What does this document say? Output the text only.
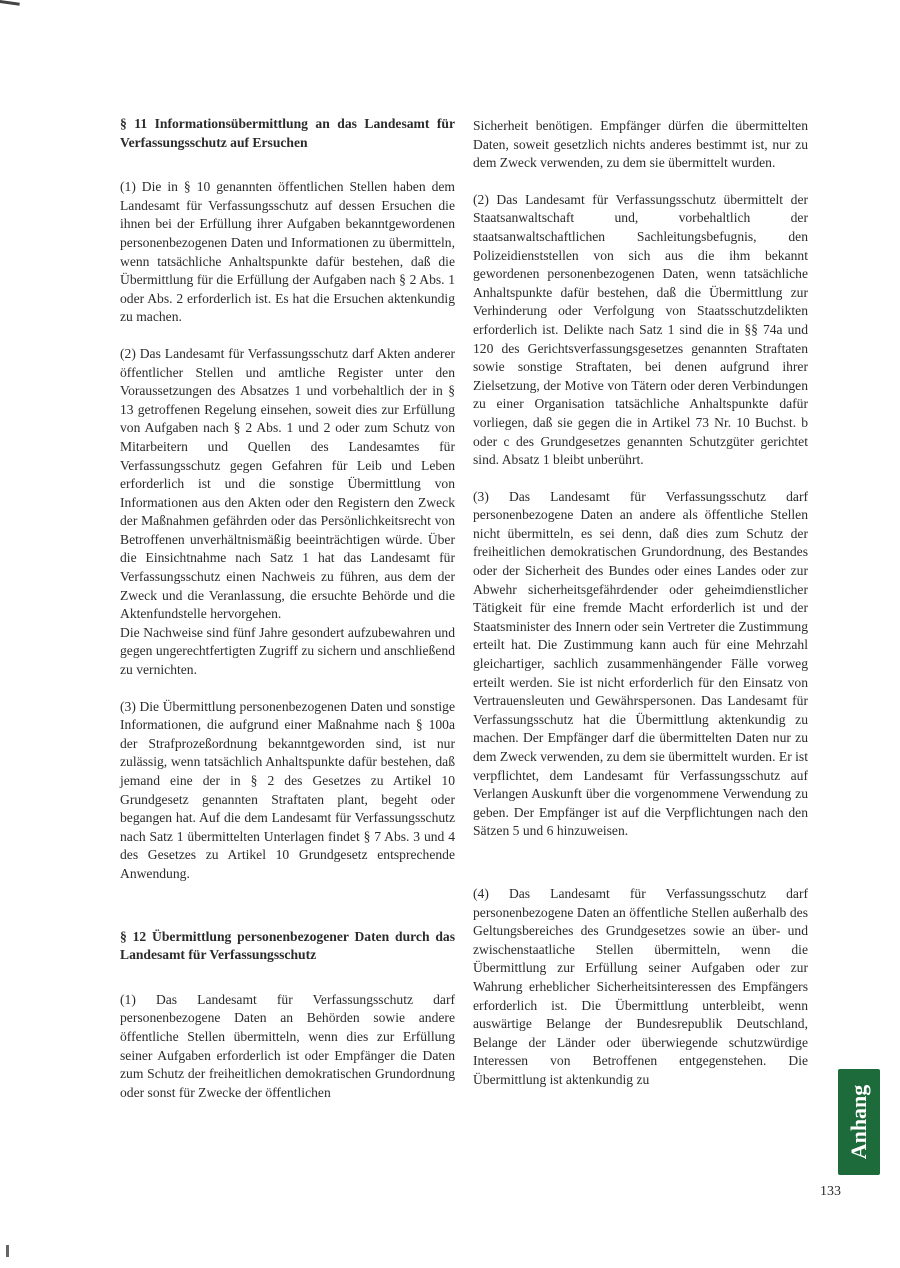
§ 11 Informationsübermittlung an das Landesamt für Verfassungsschutz auf Ersuchen
(1) Die in § 10 genannten öffentlichen Stellen haben dem Landesamt für Verfassungsschutz auf dessen Ersuchen die ihnen bei der Erfüllung ihrer Aufgaben bekanntgewordenen personenbezogenen Daten und Informationen zu übermitteln, wenn tatsächliche Anhaltspunkte dafür bestehen, daß die Übermittlung für die Erfüllung der Aufgaben nach § 2 Abs. 1 oder Abs. 2 erforderlich ist. Es hat die Ersuchen aktenkundig zu machen.
(2) Das Landesamt für Verfassungsschutz darf Akten anderer öffentlicher Stellen und amtliche Register unter den Voraussetzungen des Absatzes 1 und vorbehaltlich der in § 13 getroffenen Regelung einsehen, soweit dies zur Erfüllung von Aufgaben nach § 2 Abs. 1 und 2 oder zum Schutz von Mitarbeitern und Quellen des Landesamtes für Verfassungsschutz gegen Gefahren für Leib und Leben erforderlich ist und die sonstige Übermittlung von Informationen aus den Akten oder den Registern den Zweck der Maßnahmen gefährden oder das Persönlichkeitsrecht von Betroffenen unverhältnismäßig beeinträchtigen würde. Über die Einsichtnahme nach Satz 1 hat das Landesamt für Verfassungsschutz einen Nachweis zu führen, aus dem der Zweck und die Veranlassung, die ersuchte Behörde und die Aktenfundstelle hervorgehen.
Die Nachweise sind fünf Jahre gesondert aufzubewahren und gegen ungerechtfertigten Zugriff zu sichern und anschließend zu vernichten.
(3) Die Übermittlung personenbezogenen Daten und sonstige Informationen, die aufgrund einer Maßnahme nach § 100a der Strafprozeßordnung bekanntgeworden sind, ist nur zulässig, wenn tatsächlich Anhaltspunkte dafür bestehen, daß jemand eine der in § 2 des Gesetzes zu Artikel 10 Grundgesetz genannten Straftaten plant, begeht oder begangen hat. Auf die dem Landesamt für Verfassungsschutz nach Satz 1 übermittelten Unterlagen findet § 7 Abs. 3 und 4 des Gesetzes zu Artikel 10 Grundgesetz entsprechende Anwendung.
§ 12 Übermittlung personenbezogener Daten durch das Landesamt für Verfassungsschutz
(1) Das Landesamt für Verfassungsschutz darf personenbezogene Daten an Behörden sowie andere öffentliche Stellen übermitteln, wenn dies zur Erfüllung seiner Aufgaben erforderlich ist oder Empfänger die Daten zum Schutz der freiheitlichen demokratischen Grundordnung oder sonst für Zwecke der öffentlichen
Sicherheit benötigen. Empfänger dürfen die übermittelten Daten, soweit gesetzlich nichts anderes bestimmt ist, nur zu dem Zweck verwenden, zu dem sie übermittelt wurden.
(2) Das Landesamt für Verfassungsschutz übermittelt der Staatsanwaltschaft und, vorbehaltlich der staatsanwaltschaftlichen Sachleitungsbefugnis, den Polizeidienststellen von sich aus die ihm bekannt gewordenen personenbezogenen Daten, wenn tatsächliche Anhaltspunkte dafür bestehen, daß die Übermittlung zur Verhinderung oder Verfolgung von Staatsschutzdelikten erforderlich ist. Delikte nach Satz 1 sind die in §§ 74a und 120 des Gerichtsverfassungsgesetzes genannten Straftaten sowie sonstige Straftaten, bei denen aufgrund ihrer Zielsetzung, der Motive von Tätern oder deren Verbindungen zu einer Organisation tatsächliche Anhaltspunkte dafür vorliegen, daß sie gegen die in Artikel 73 Nr. 10 Buchst. b oder c des Grundgesetzes genannten Schutzgüter gerichtet sind. Absatz 1 bleibt unberührt.
(3) Das Landesamt für Verfassungsschutz darf personenbezogene Daten an andere als öffentliche Stellen nicht übermitteln, es sei denn, daß dies zum Schutz der freiheitlichen demokratischen Grundordnung, des Bestandes oder der Sicherheit des Bundes oder eines Landes oder zur Abwehr sicherheitsgefährdender oder geheimdienstlicher Tätigkeit für eine fremde Macht erforderlich ist und der Staatsminister des Innern oder sein Vertreter die Zustimmung erteilt hat. Die Zustimmung kann auch für eine Mehrzahl gleichartiger, sachlich zusammenhängender Fälle vorweg erteilt werden. Sie ist nicht erforderlich für den Einsatz von Vertrauensleuten und Gewährspersonen. Das Landesamt für Verfassungsschutz hat die Übermittlung aktenkundig zu machen. Der Empfänger darf die übermittelten Daten nur zu dem Zweck verwenden, zu dem sie übermittelt wurden. Er ist verpflichtet, dem Landesamt für Verfassungsschutz auf Verlangen Auskunft über die vorgenommene Verwendung zu geben. Der Empfänger ist auf die Verpflichtungen nach den Sätzen 5 und 6 hinzuweisen.
(4) Das Landesamt für Verfassungsschutz darf personenbezogene Daten an öffentliche Stellen außerhalb des Geltungsbereiches des Grundgesetzes sowie an über- und zwischenstaatliche Stellen übermitteln, wenn die Übermittlung zur Erfüllung seiner Aufgaben oder zur Wahrung erheblicher Sicherheitsinteressen des Empfängers erforderlich ist. Die Übermittlung unterbleibt, wenn auswärtige Belange der Bundesrepublik Deutschland, Belange der Länder oder überwiegende schutzwürdige Interessen von Betroffenen entgegenstehen. Die Übermittlung ist aktenkundig zu
Anhang
133
